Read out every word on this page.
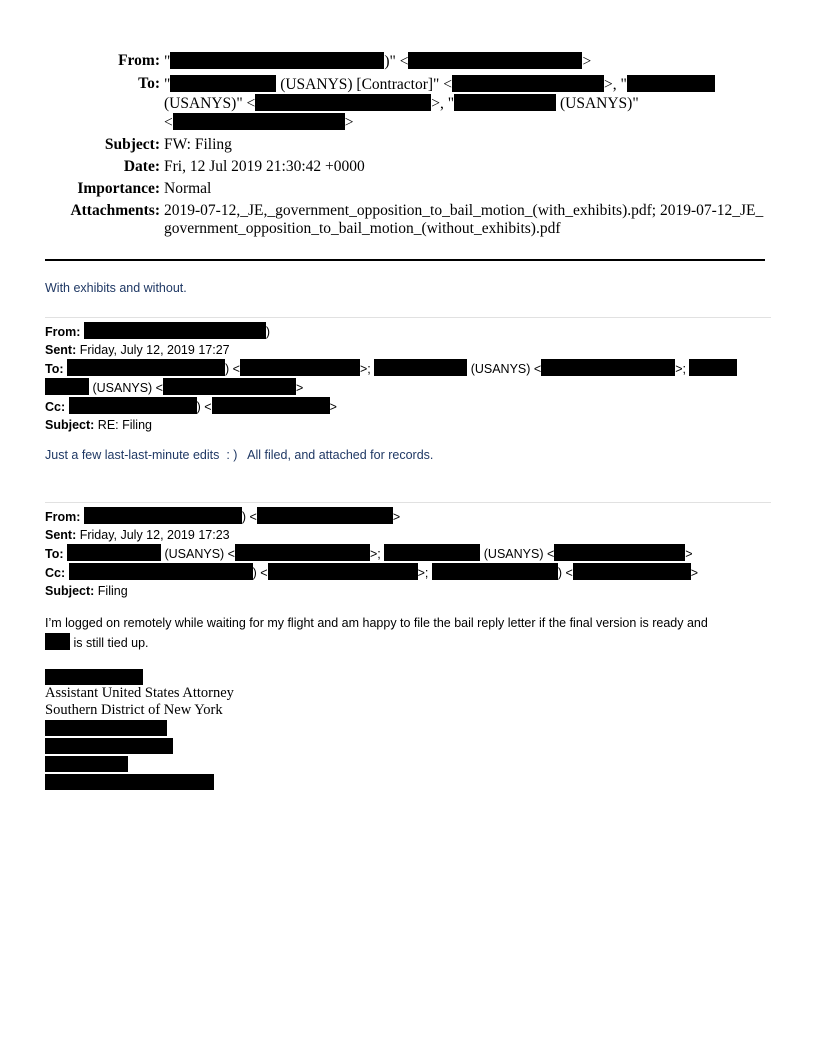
From: "	)" <	>
To: "	(USANYS) [Contractor]" <	>, "
(USANYS)" <	>, "	(USANYS)"
<	>
Subject: FW: Filing
Date: Fri, 12 Jul 2019 21:30:42 +0000
Importance: Normal
Attachments: 2019-07-12,_JE,_government_opposition_to_bail_motion_(with_exhibits).pdf; 2019-07-12_JE_government_opposition_to_bail_motion_(without_exhibits).pdf
With exhibits and without.
From:	)
Sent: Friday, July 12, 2019 17:27
To:	) <	>;	(USANYS) <	>;
(USANYS) <	>
Cc:	) <	>
Subject: RE: Filing
Just a few last-last-minute edits  : )   All filed, and attached for records.
From:	) <	>
Sent: Friday, July 12, 2019 17:23
To:	(USANYS) <	>;	(USANYS) <	>
Cc:	) <	>;	) <	>
Subject: Filing
I’m logged on remotely while waiting for my flight and am happy to file the bail reply letter if the final version is ready and
is still tied up.
Assistant United States Attorney
Southern District of New York
